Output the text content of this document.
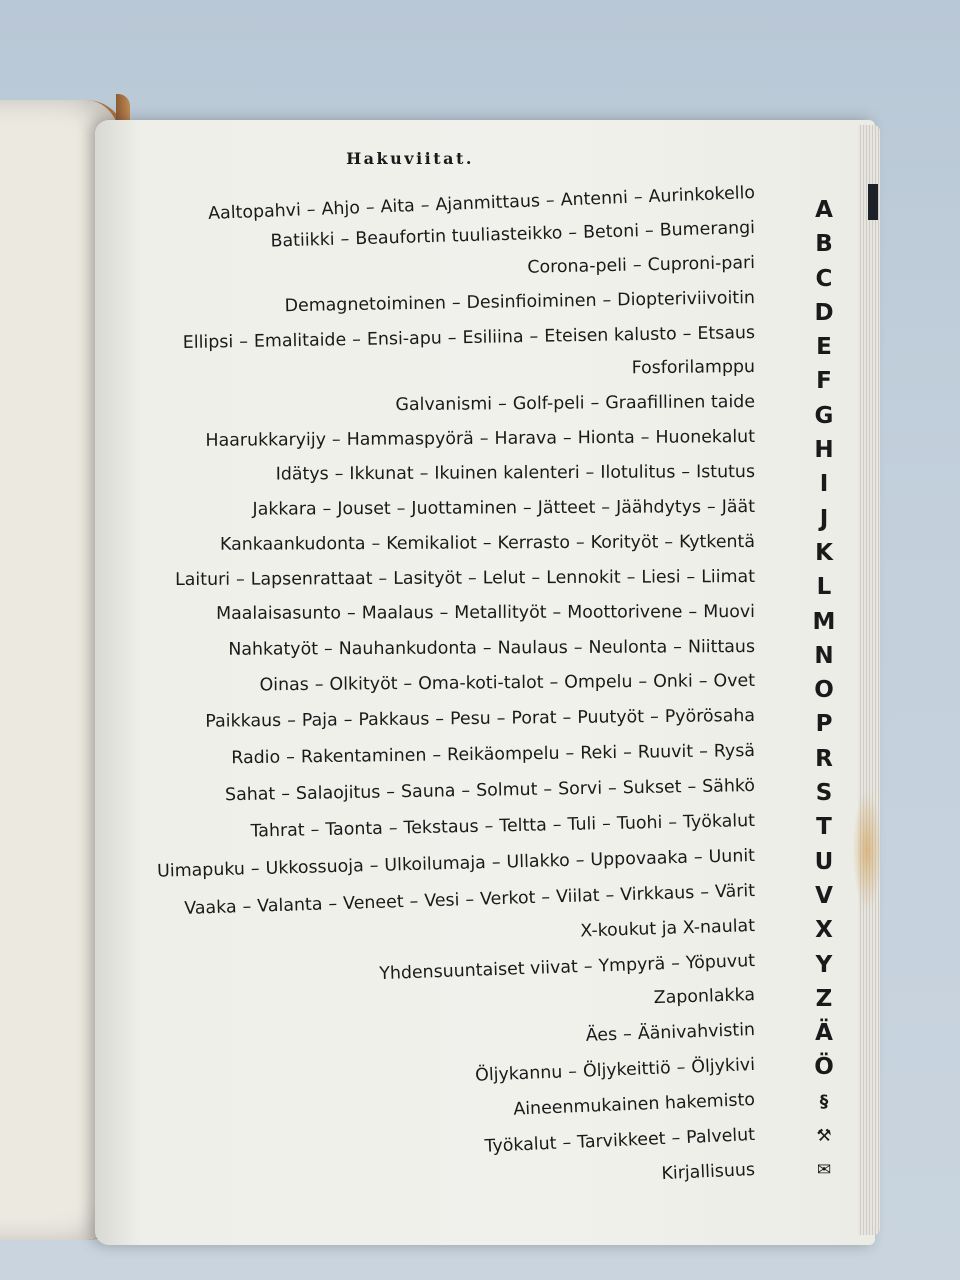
Hakuviitat.
Aaltopahvi – Ahjo – Aita – Ajanmittaus – Antenni – Aurinkokello
Batiikki – Beaufortin tuuliasteikko – Betoni – Bumerangi
Corona-peli – Cuproni-pari
Demagnetoiminen – Desinfioiminen – Diopteriviivoitin
Ellipsi – Emalitaide – Ensi-apu – Esiliina – Eteisen kalusto – Etsaus
Fosforilamppu
Galvanismi – Golf-peli – Graafillinen taide
Haarukkaryijy – Hammaspyörä – Harava – Hionta – Huonekalut
Idätys – Ikkunat – Ikuinen kalenteri – Ilotulitus – Istutus
Jakkara – Jouset – Juottaminen – Jätteet – Jäähdytys – Jäät
Kankaankudonta – Kemikaliot – Kerrasto – Korityöt – Kytkentä
Laituri – Lapsenrattaat – Lasityöt – Lelut – Lennokit – Liesi – Liimat
Maalaisasunto – Maalaus – Metallityöt – Moottorivene – Muovi
Nahkatyöt – Nauhankudonta – Naulaus – Neulonta – Niittaus
Oinas – Olkityöt – Oma-koti-talot – Ompelu – Onki – Ovet
Paikkaus – Paja – Pakkaus – Pesu – Porat – Puutyöt – Pyörösaha
Radio – Rakentaminen – Reikäompelu – Reki – Ruuvit – Rysä
Sahat – Salaojitus – Sauna – Solmut – Sorvi – Sukset – Sähkö
Tahrat – Taonta – Tekstaus – Teltta – Tuli – Tuohi – Työkalut
Uimapuku – Ukkossuoja – Ulkoilumaja – Ullakko – Uppovaaka – Uunit
Vaaka – Valanta – Veneet – Vesi – Verkot – Viilat – Virkkaus – Värit
X-koukut ja X-naulat
Yhdensuuntaiset viivat – Ympyrä – Yöpuvut
Zaponlakka
Äes – Äänivahvistin
Öljykannu – Öljykeittiö – Öljykivi
Aineenmukainen hakemisto
Työkalut – Tarvikkeet – Palvelut
Kirjallisuus
A
B
C
D
E
F
G
H
I
J
K
L
M
N
O
P
R
S
T
U
V
X
Y
Z
Ä
Ö
§
⚒
✉
